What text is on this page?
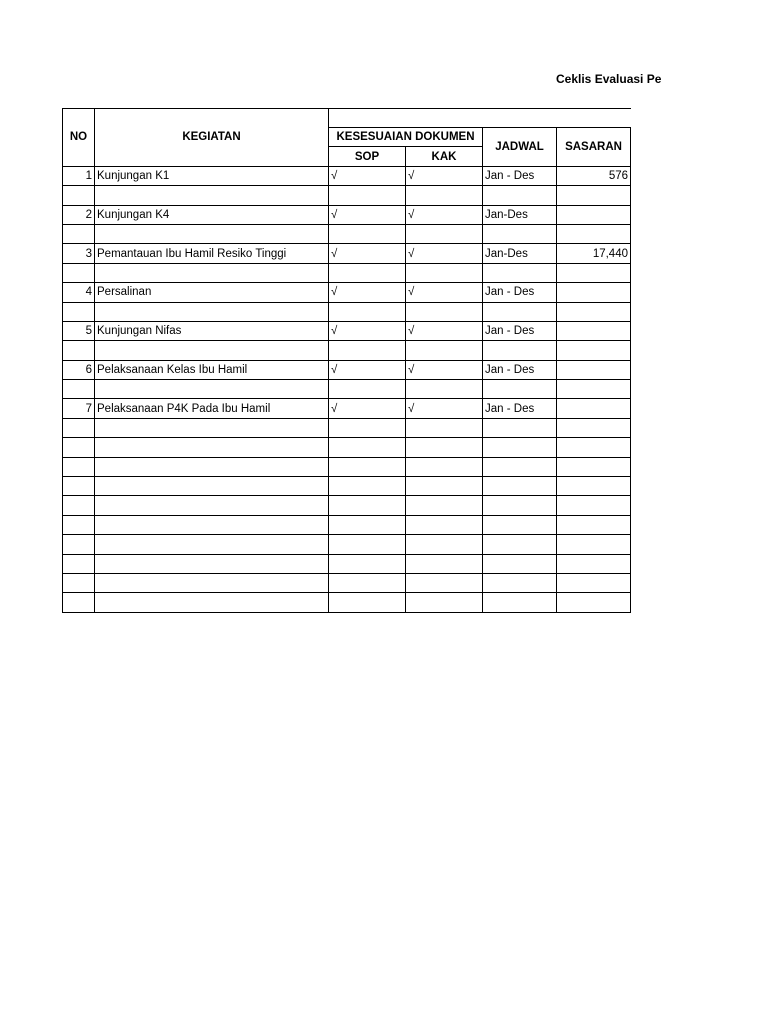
Ceklis Evaluasi Pe
NO	KEGIATAN				
		KESESUAIAN DOKUMEN		JADWAL	SASARAN
		SOP	KAK		
1	Kunjungan K1	√	√	Jan - Des	576

2	Kunjungan K4	√	√	Jan-Des	

3	Pemantauan Ibu Hamil Resiko Tinggi	√	√	Jan-Des	17,440

4	Persalinan	√	√	Jan - Des	

5	Kunjungan Nifas	√	√	Jan - Des	

6	Pelaksanaan Kelas Ibu Hamil	√	√	Jan - Des	

7	Pelaksanaan P4K Pada Ibu Hamil	√	√	Jan - Des	
